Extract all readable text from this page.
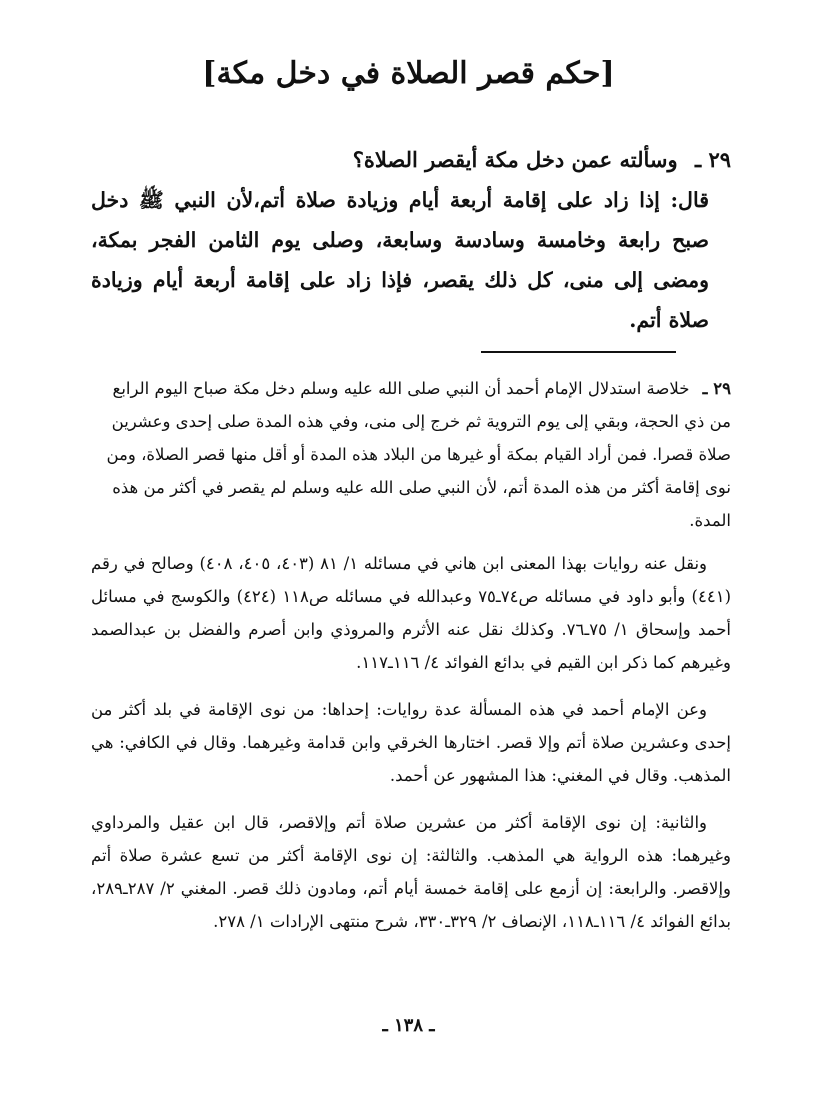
[حكم قصر الصلاة في دخل مكة]
٢٩ ـ وسألته عمن دخل مكة أيقصر الصلاة؟
قال: إذا زاد على إقامة أربعة أيام وزيادة صلاة أتم،لأن النبي ﷺ دخل صبح رابعة وخامسة وسادسة وسابعة، وصلى يوم الثامن الفجر بمكة، ومضى إلى منى، كل ذلك يقصر، فإذا زاد على إقامة أربعة أيام وزيادة صلاة أتم.
٢٩ ـ خلاصة استدلال الإمام أحمد أن النبي صلى الله عليه وسلم دخل مكة صباح اليوم الرابع من ذي الحجة، وبقي إلى يوم التروية ثم خرج إلى منى، وفي هذه المدة صلى إحدى وعشرين صلاة قصرا. فمن أراد القيام بمكة أو غيرها من البلاد هذه المدة أو أقل منها قصر الصلاة، ومن نوى إقامة أكثر من هذه المدة أتم، لأن النبي صلى الله عليه وسلم لم يقصر في أكثر من هذه المدة.
ونقل عنه روايات بهذا المعنى ابن هاني في مسائله ١/ ٨١ (٤٠٣، ٤٠٥، ٤٠٨) وصالح في رقم (٤٤١) وأبو داود في مسائله ص٧٤ـ٧٥ وعبدالله في مسائله ص١١٨ (٤٢٤) والكوسج في مسائل أحمد وإسحاق ١/ ٧٥ـ٧٦. وكذلك نقل عنه الأثرم والمروذي وابن أصرم والفضل بن عبدالصمد وغيرهم كما ذكر ابن القيم في بدائع الفوائد ٤/ ١١٦ـ١١٧.
وعن الإمام أحمد في هذه المسألة عدة روايات: إحداها: من نوى الإقامة في بلد أكثر من إحدى وعشرين صلاة أتم وإلا قصر. اختارها الخرقي وابن قدامة وغيرهما. وقال في الكافي: هي المذهب. وقال في المغني: هذا المشهور عن أحمد.
والثانية: إن نوى الإقامة أكثر من عشرين صلاة أتم وإلاقصر، قال ابن عقيل والمرداوي وغيرهما: هذه الرواية هي المذهب. والثالثة: إن نوى الإقامة أكثر من تسع عشرة صلاة أتم وإلاقصر. والرابعة: إن أزمع على إقامة خمسة أيام أتم، ومادون ذلك قصر. المغني ٢/ ٢٨٧ـ٢٨٩، بدائع الفوائد ٤/ ١١٦ـ١١٨، الإنصاف ٢/ ٣٢٩ـ٣٣٠، شرح منتهى الإرادات ١/ ٢٧٨.
ـ ١٣٨ ـ
